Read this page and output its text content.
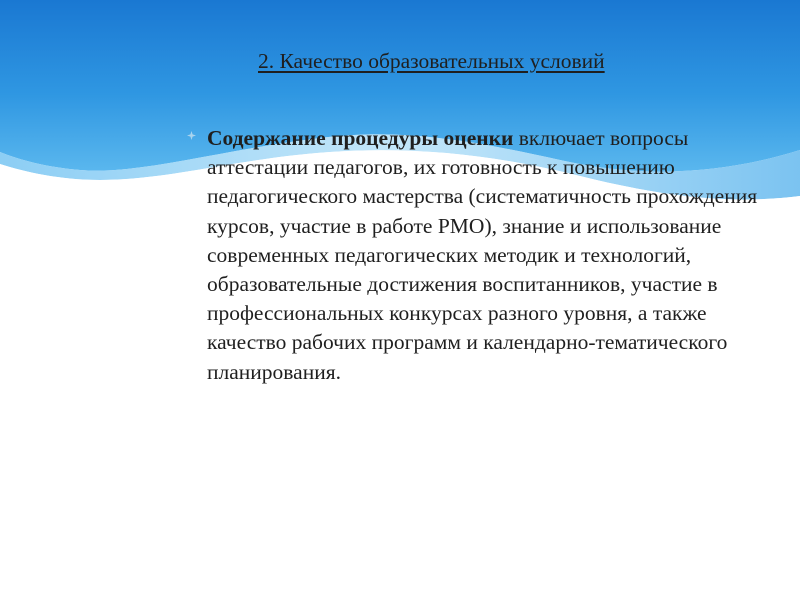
2. Качество образовательных условий

Содержание процедуры оценки включает вопросы аттестации педагогов, их готовность к повышению педагогического мастерства (систематичность прохождения курсов, участие в работе РМО), знание и использование современных педагогических методик и технологий, образовательные достижения воспитанников, участие в профессиональных конкурсах разного уровня, а также качество рабочих программ и календарно-тематического планирования.
